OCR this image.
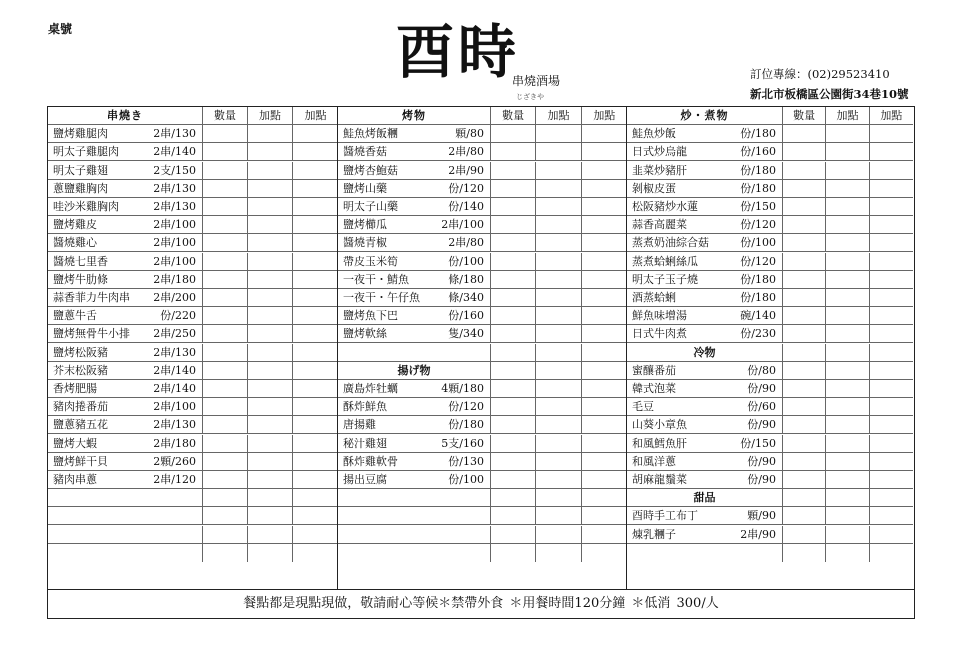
桌號	酉時
串燒酒場
じざきや
訂位專線：(02)29523410
新北市板橋區公園街34巷10號
串燒き	數量	加點	加點
鹽烤雞腿肉	2串/130
明太子雞腿肉	2串/140
明太子雞翅	2支/150
蔥鹽雞胸肉	2串/130
哇沙米雞胸肉	2串/130
鹽烤雞皮	2串/100
醬燒雞心	2串/100
醬燒七里香	2串/100
鹽烤牛肋條	2串/180
蒜香菲力牛肉串 2串/200
鹽蔥牛舌	份/220
鹽烤無骨牛小排 2串/250
鹽烤松阪豬	2串/130
芥末松阪豬	2串/140
香烤肥腸	2串/140
豬肉捲番茄	2串/100
鹽蔥豬五花	2串/130
鹽烤大蝦	2串/180
鹽烤鮮干貝	2顆/260
豬肉串蔥	2串/120
烤物	數量	加點	加點
鮭魚烤飯糰	顆/80
醬燒香菇	2串/80
鹽烤杏鮑菇	2串/90
鹽烤山藥	份/120
明太子山藥	份/140
鹽烤櫛瓜	2串/100
醬燒青椒	2串/80
帶皮玉米筍	份/100
一夜干・鯖魚	條/180
一夜干・午仔魚	條/340
鹽烤魚下巴	份/160
鹽烤軟絲	隻/340
揚げ物
廣島炸牡蠣	4顆/180
酥炸鮮魚	份/120
唐揚雞	份/180
秘汁雞翅	5支/160
酥炸雞軟骨	份/130
揚出豆腐	份/100
炒・煮物	數量	加點	加點
鮭魚炒飯	份/180
日式炒烏龍	份/160
韭菜炒豬肝	份/180
剝椒皮蛋	份/180
松阪豬炒水蓮	份/150
蒜香高麗菜	份/120
蒸煮奶油綜合菇	份/100
蒸煮蛤蜊絲瓜	份/120
明太子玉子燒	份/180
酒蒸蛤蜊	份/180
鮮魚味增湯	碗/140
日式牛肉煮	份/230
冷物
蜜釀番茄	份/80
韓式泡菜	份/90
毛豆	份/60
山葵小章魚	份/90
和風鱈魚肝	份/150
和風洋蔥	份/90
胡麻龍鬚菜	份/90
甜品
酉時手工布丁	顆/90
煉乳糰子	2串/90
餐點都是現點現做，敬請耐心等候＊禁帶外食 ＊用餐時間120分鐘 ＊低消 300/人
